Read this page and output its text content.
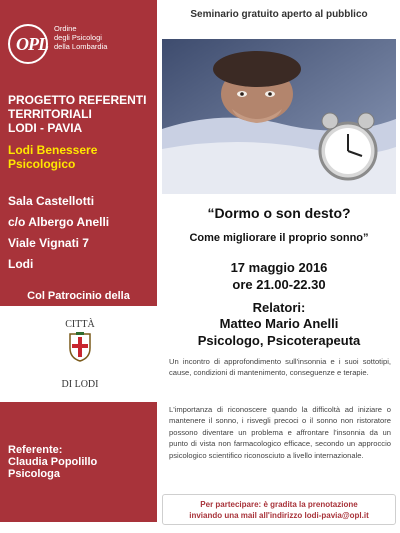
OPL
Ordine
degli Psicologi
della Lombardia
PROGETTO REFERENTI
TERRITORIALI
LODI - PAVIA
Lodi Benessere
Psicologico
Sala Castellotti
c/o Albergo Anelli
Viale Vignati 7
Lodi
Col Patrocinio della
CITTÀ
DI LODI
Referente:
Claudia Popolillo
Psicologa
Seminario gratuito aperto al pubblico
“Dormo o son desto?
Come migliorare il proprio sonno”
17 maggio 2016
ore 21.00-22.30
Relatori:
Matteo Mario Anelli
Psicologo, Psicoterapeuta
Un incontro di approfondimento sull'insonnia e i suoi sottotipi, cause, condizioni di mantenimento, conseguenze e terapie.
L'importanza di riconoscere quando la difficoltà ad iniziare o mantenere il sonno, i risvegli precoci o il sonno non ristoratore possono diventare un problema e affrontare l'insonnia da un punto di vista non farmacologico efficace, secondo un approccio psicologico scientifico riconosciuto a livello internazionale.
Per partecipare: è gradita la prenotazione
inviando una mail all'indirizzo lodi-pavia@opl.it
